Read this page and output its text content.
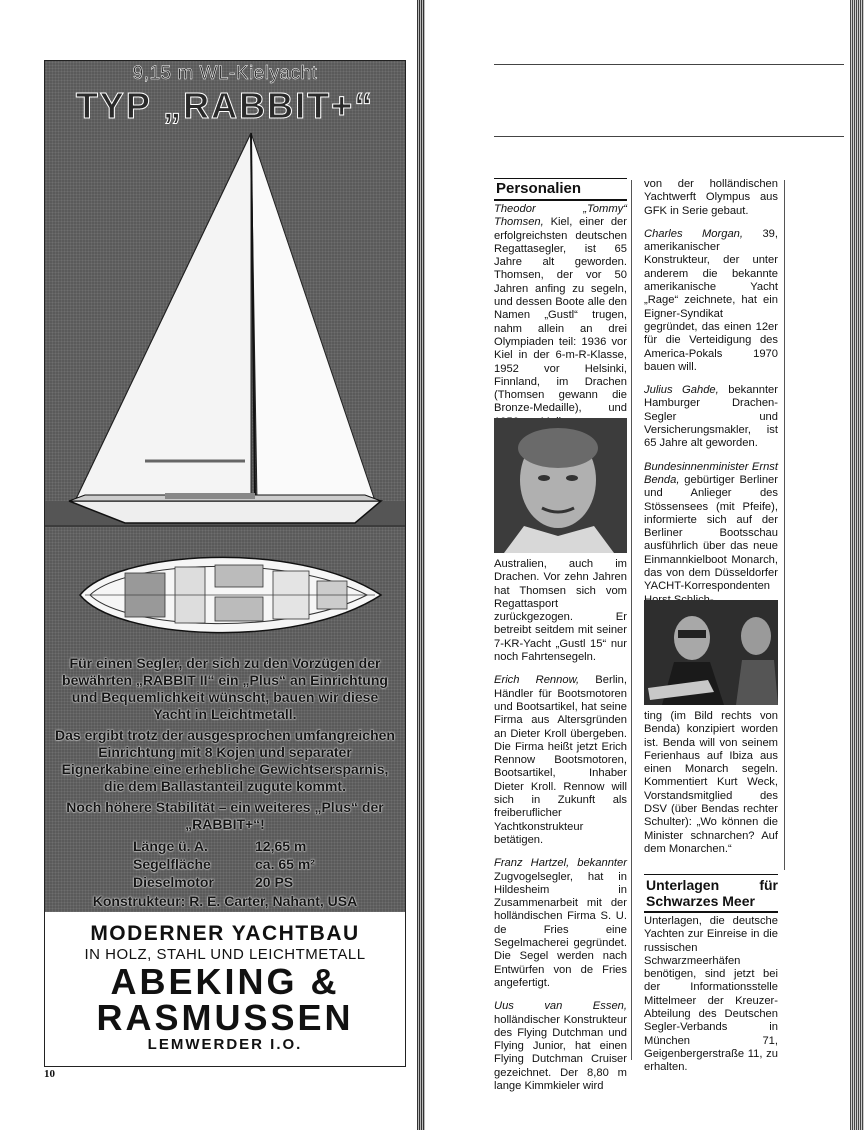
9,15 m WL-Kielyacht
TYP „RABBIT+“
Für einen Segler, der sich zu den Vorzügen der bewährten „RABBIT II“ ein „Plus“ an Einrichtung und Bequemlichkeit wünscht, bauen wir diese Yacht in Leichtmetall.
Das ergibt trotz der ausgesprochen umfangreichen Einrichtung mit 8 Kojen und separater Eignerkabine eine erhebliche Gewichtsersparnis, die dem Ballastanteil zugute kommt.
Noch höhere Stabilität – ein weiteres „Plus“ der „RABBIT+“!
Länge ü. A.	12,65 m
Segelfläche	ca. 65 m²
Dieselmotor	20 PS
Konstrukteur: R. E. Carter, Nahant, USA
MODERNER YACHTBAU
IN HOLZ, STAHL UND LEICHTMETALL
ABEKING &
RASMUSSEN
LEMWERDER I.O.
10
Personalien

Theodor „Tommy“ Thomsen, Kiel, einer der erfolgreichsten deutschen Regattasegler, ist 65 Jahre alt geworden. Thomsen, der vor 50 Jahren anfing zu segeln, und dessen Boote alle den Namen „Gustl“ trugen, nahm allein an drei Olympiaden teil: 1936 vor Kiel in der 6-m-R-Klasse, 1952 vor Helsinki, Finnland, im Drachen (Thomsen gewann die Bronze-Medaille), und

Australien, auch im Drachen. Vor zehn Jahren hat Thomsen sich vom Regattasport zurückgezogen. Er betreibt seitdem mit seiner 7-KR-Yacht „Gustl 15“ nur noch Fahrtensegeln.

Erich Rennow, Berlin, Händler für Bootsmotoren und Bootsartikel, hat seine Firma aus Altersgründen an Dieter Kroll übergeben. Die Firma heißt jetzt Erich Rennow Bootsmotoren, Bootsartikel, Inhaber Dieter Kroll. Rennow will sich in Zukunft als freiberuflicher Yachtkonstrukteur betätigen.

Franz Hartzel, bekannter Zugvogelsegler, hat in Hildesheim in Zusammenarbeit mit der holländischen Firma S. U. de Fries eine Segelmacherei gegründet. Die Segel werden nach Entwürfen von de Fries angefertigt.

Uus van Essen, holländischer Konstrukteur des Flying Dutchman und Flying Junior, hat einen Flying Dutchman Cruiser gezeichnet. Der 8,80 m lange Kimmkieler wird

von der holländischen Yachtwerft Olympus aus GFK in Serie gebaut.

Charles Morgan, 39, amerikanischer Konstrukteur, der unter anderem die bekannte amerikanische Yacht „Rage“ zeichnete, hat ein Eigner-Syndikat gegründet, das einen 12er für die Verteidigung des America-Pokals 1970 bauen will.

Julius Gahde, bekannter Hamburger Drachen-Segler und Versicherungsmakler, ist 65 Jahre alt geworden.

Bundesinnenminister Ernst Benda, gebürtiger Berliner und Anlieger des Stössensees (mit Pfeife), informierte sich auf der Berliner Bootsschau ausführlich über das neue Einmannkielboot Monarch, das von dem Düsseldorfer YACHT-Korrespondenten

ting (im Bild rechts von Benda) konzipiert worden ist. Benda will von seinem Ferienhaus auf Ibiza aus einen Monarch segeln. Kommentiert Kurt Weck, Vorstandsmitglied des DSV (über Bendas rechter Schulter): „Wo können die Minister schnarchen? Auf dem Monarchen.“

Unterlagen für Schwarzes Meer

Unterlagen, die deutsche Yachten zur Einreise in die russischen Schwarzmeerhäfen benötigen, sind jetzt bei der Informationsstelle Mittelmeer der Kreuzer-Abteilung des Deutschen Segler-Verbands in München 71, Geigenbergerstraße 11, zu erhalten.
